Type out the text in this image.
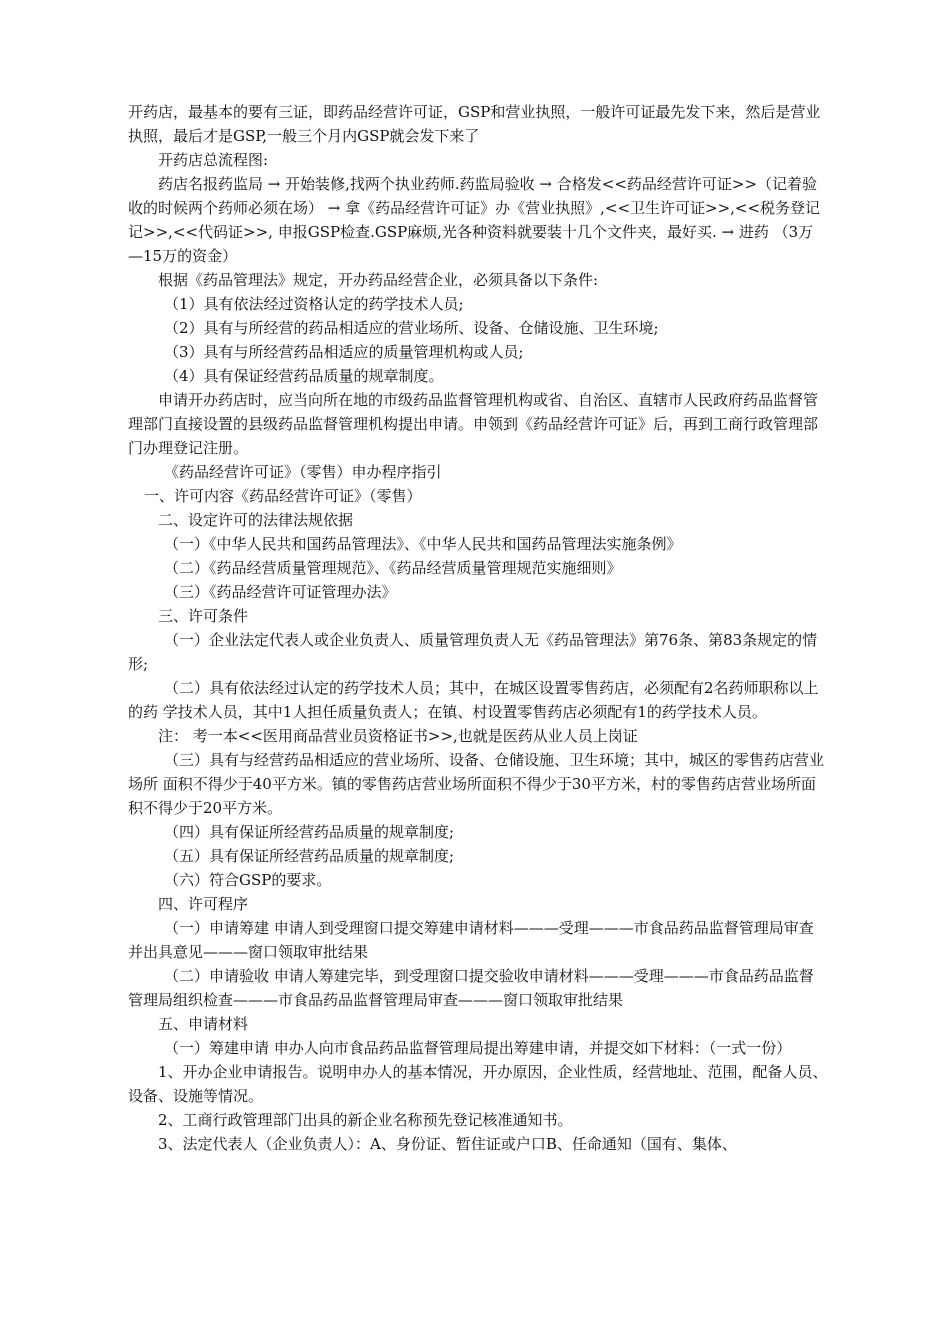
开药店，最基本的要有三证，即药品经营许可证，GSP和营业执照，一般许可证最先发下来，然后是营业执照，最后才是GSP,一般三个月内GSP就会发下来了

开药店总流程图:

药店名报药监局 → 开始装修,找两个执业药师.药监局验收 → 合格发<<药品经营许可证>>（记着验收的时候两个药师必须在场） → 拿《药品经营许可证》办《营业执照》,<<卫生许可证>>,<<税务登记记>>,<<代码证>>, 申报GSP检查.GSP麻烦,光各种资料就要装十几个文件夹，最好买. → 进药 （3万—15万的资金）

根据《药品管理法》规定，开办药品经营企业，必须具备以下条件:

（1）具有依法经过资格认定的药学技术人员;

（2）具有与所经营的药品相适应的营业场所、设备、仓储设施、卫生环境;

（3）具有与所经营药品相适应的质量管理机构或人员;

（4）具有保证经营药品质量的规章制度。

申请开办药店时，应当向所在地的市级药品监督管理机构或省、自治区、直辖市人民政府药品监督管理部门直接设置的县级药品监督管理机构提出申请。申领到《药品经营许可证》后，再到工商行政管理部门办理登记注册。

《药品经营许可证》（零售）申办程序指引

一、许可内容《药品经营许可证》（零售）

二、设定许可的法律法规依据

（一）《中华人民共和国药品管理法》、《中华人民共和国药品管理法实施条例》

（二）《药品经营质量管理规范》、《药品经营质量管理规范实施细则》

（三）《药品经营许可证管理办法》

三、许可条件

（一）企业法定代表人或企业负责人、质量管理负责人无《药品管理法》第76条、第83条规定的情形;

（二）具有依法经过认定的药学技术人员；其中，在城区设置零售药店，必须配有2名药师职称以上的药 学技术人员，其中1人担任质量负责人；在镇、村设置零售药店必须配有1的药学技术人员。

注： 考一本<<医用商品营业员资格证书>>,也就是医药从业人员上岗证

（三）具有与经营药品相适应的营业场所、设备、仓储设施、卫生环境；其中，城区的零售药店营业场所 面积不得少于40平方米。镇的零售药店营业场所面积不得少于30平方米，村的零售药店营业场所面 积不得少于20平方米。

（四）具有保证所经营药品质量的规章制度;

（五）具有保证所经营药品质量的规章制度;

（六）符合GSP的要求。

四、许可程序

（一）申请筹建 申请人到受理窗口提交筹建申请材料———受理———市食品药品监督管理局审查并出具意见———窗口领取审批结果

（二）申请验收 申请人筹建完毕，到受理窗口提交验收申请材料———受理———市食品药品监督管理局组织检查———市食品药品监督管理局审查———窗口领取审批结果

五、申请材料

（一）筹建申请 申办人向市食品药品监督管理局提出筹建申请，并提交如下材料：（一式一份）

1、开办企业申请报告。说明申办人的基本情况，开办原因，企业性质，经营地址、范围，配备人员、设备、设施等情况。

2、工商行政管理部门出具的新企业名称预先登记核准通知书。

3、法定代表人（企业负责人）：A、身份证、暂住证或户口B、任命通知（国有、集体、
